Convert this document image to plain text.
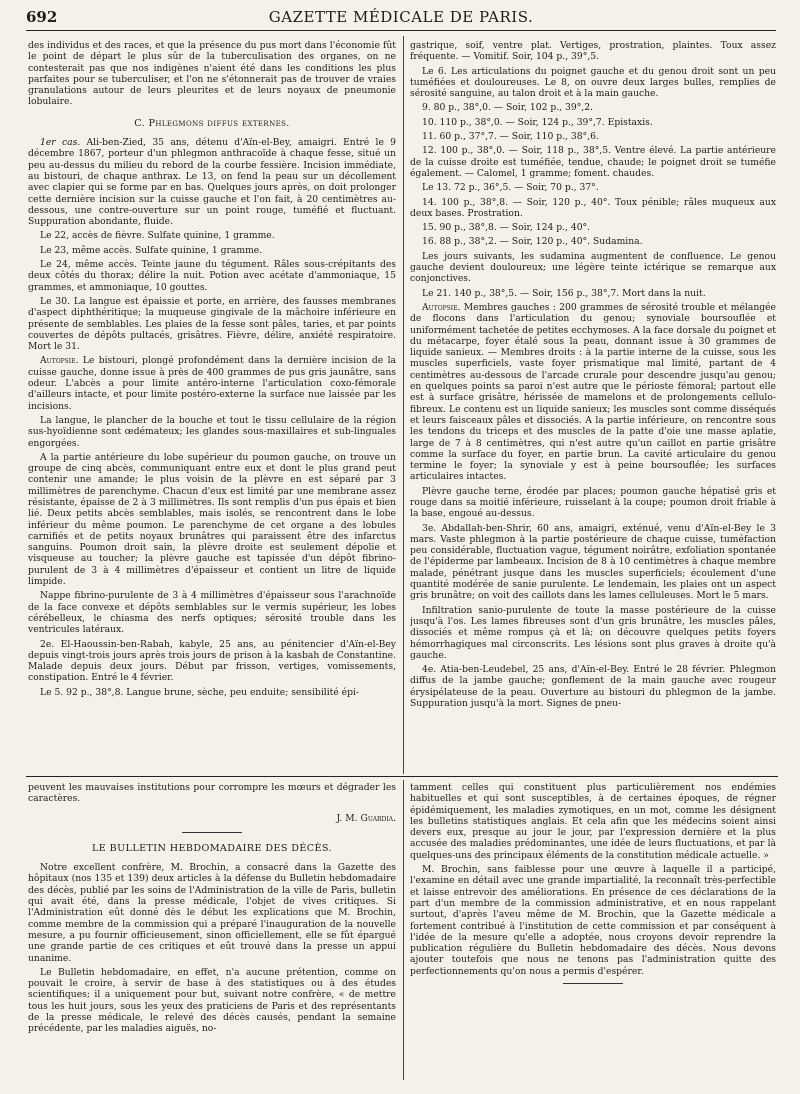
692	GAZETTE MÉDICALE DE PARIS.

des individus et des races, et que la présence du pus mort dans l'économie fût le point de départ le plus sûr de la tuberculisation des organes, on ne contesterait pas que nos indigènes n'aient été dans les conditions les plus parfaites pour se tuberculiser, et l'on ne s'étonnerait pas de trouver de vraies granulations autour de leurs pleurites et de leurs noyaux de pneumonie lobulaire.

C. Phlegmons diffus externes.

1er cas. Ali-ben-Zied, 35 ans, détenu d'Aïn-el-Bey, amaigri. Entré le 9 décembre 1867, porteur d'un phlegmon anthracoïde à chaque fesse, situé un peu au-dessus du milieu du rebord de la courbe fessière. Incision immédiate, au bistouri, de chaque anthrax. Le 13, on fend la peau sur un décollement avec clapier qui se forme par en bas. Quelques jours après, on doit prolonger cette dernière incision sur la cuisse gauche et l'on fait, à 20 centimètres au-dessous, une contre-ouverture sur un point rouge, tuméfié et fluctuant. Suppuration abondante, fluide.

Le 22, accès de fièvre. Sulfate quinine, 1 gramme.

Le 23, même accès. Sulfate quinine, 1 gramme.

Le 24, même accès. Teinte jaune du tégument. Râles sous-crépitants des deux côtés du thorax; délire la nuit. Potion avec acétate d'ammoniaque, 15 grammes, et ammoniaque, 10 gouttes.

Le 30. La langue est épaissie et porte, en arrière, des fausses membranes d'aspect diphthéritique; la muqueuse gingivale de la mâchoire inférieure en présente de semblables. Les plaies de la fesse sont pâles, taries, et par points couvertes de dépôts pultacés, grisâtres. Fièvre, délire, anxiété respiratoire. Mort le 31.

Autopsie. Le bistouri, plongé profondément dans la dernière incision de la cuisse gauche, donne issue à près de 400 grammes de pus gris jaunâtre, sans odeur. L'abcès a pour limite antéro-interne l'articulation coxo-fémorale d'ailleurs intacte, et pour limite postéro-externe la surface nue laissée par les incisions.

La langue, le plancher de la bouche et tout le tissu cellulaire de la région sus-hyoïdienne sont œdémateux; les glandes sous-maxillaires et sub-linguales engorgées.

A la partie antérieure du lobe supérieur du poumon gauche, on trouve un groupe de cinq abcès, communiquant entre eux et dont le plus grand peut contenir une amande; le plus voisin de la plèvre en est séparé par 3 millimètres de parenchyme. Chacun d'eux est limité par une membrane assez résistante, épaisse de 2 à 3 millimètres. Ils sont remplis d'un pus épais et bien lié. Deux petits abcès semblables, mais isolés, se rencontrent dans le lobe inférieur du même poumon. Le parenchyme de cet organe a des lobules carnifiés et de petits noyaux brunâtres qui paraissent être des infarctus sanguins. Poumon droit sain, la plèvre droite est seulement dépolie et visqueuse au toucher; la plèvre gauche est tapissée d'un dépôt fibrino-purulent de 3 à 4 millimètres d'épaisseur et contient un litre de liquide limpide.

Nappe fibrino-purulente de 3 à 4 millimètres d'épaisseur sous l'arachnoïde de la face convexe et dépôts semblables sur le vermis supérieur, les lobes cérébelleux, le chiasma des nerfs optiques; sérosité trouble dans les ventricules latéraux.

2e. El-Haoussin-ben-Rabah, kabyle, 25 ans, au pénitencier d'Aïn-el-Bey depuis vingt-trois jours après trois jours de prison à la kasbah de Constantine. Malade depuis deux jours. Début par frisson, vertiges, vomissements, constipation. Entré le 4 février.

Le 5. 92 p., 38°,8. Langue brune, sèche, peu enduite; sensibilité épi-

gastrique, soif, ventre plat. Vertiges, prostration, plaintes. Toux assez fréquente. — Vomitif. Soir, 104 p., 39°,5.

Le 6. Les articulations du poignet gauche et du genou droit sont un peu tuméfiées et douloureuses. Le 8, on ouvre deux larges bulles, remplies de sérosité sanguine, au talon droit et à la main gauche.

9. 80 p., 38°,0. — Soir, 102 p., 39°,2.

10. 110 p., 38°,0. — Soir, 124 p., 39°,7. Epistaxis.

11. 60 p., 37°,7. — Soir, 110 p., 38°,6.

12. 100 p., 38°,0. — Soir, 118 p., 38°,5. Ventre élevé. La partie antérieure de la cuisse droite est tuméfiée, tendue, chaude; le poignet droit se tuméfie également. — Calomel, 1 gramme; foment. chaudes.

Le 13. 72 p., 36°,5. — Soir, 70 p., 37°.

14. 100 p., 38°,8. — Soir, 120 p., 40°. Toux pénible; râles muqueux aux deux bases. Prostration.

15. 90 p., 38°,8. — Soir, 124 p., 40°.

16. 88 p., 38°,2. — Soir, 120 p., 40°. Sudamina.

Les jours suivants, les sudamina augmentent de confluence. Le genou gauche devient douloureux; une légère teinte ictérique se remarque aux conjonctives.

Le 21. 140 p., 38°,5. — Soir, 156 p., 38°,7. Mort dans la nuit.

Autopsie. Membres gauches : 200 grammes de sérosité trouble et mélangée de flocons dans l'articulation du genou; synoviale boursouflée et uniformément tachetée de petites ecchymoses. A la face dorsale du poignet et du métacarpe, foyer étalé sous la peau, donnant issue à 30 grammes de liquide sanieux. — Membres droits : à la partie interne de la cuisse, sous les muscles superficiels, vaste foyer prismatique mal limité, partant de 4 centimètres au-dessous de l'arcade crurale pour descendre jusqu'au genou; en quelques points sa paroi n'est autre que le périoste fémoral; partout elle est à surface grisâtre, hérissée de mamelons et de prolongements cellulo-fibreux. Le contenu est un liquide sanieux; les muscles sont comme disséqués et leurs faisceaux pâles et dissociés. A la partie inférieure, on rencontre sous les tendons du triceps et des muscles de la patte d'oie une masse aplatie, large de 7 à 8 centimètres, qui n'est autre qu'un caillot en partie grisâtre comme la surface du foyer, en partie brun. La cavité articulaire du genou termine le foyer; la synoviale y est à peine boursouflée; les surfaces articulaires intactes.

Plèvre gauche terne, érodée par places; poumon gauche hépatisé gris et rouge dans sa moitié inférieure, ruisselant à la coupe; poumon droit friable à la base, engoué au-dessus.

3e. Abdallah-ben-Shrir, 60 ans, amaigri, exténué, venu d'Aïn-el-Bey le 3 mars. Vaste phlegmon à la partie postérieure de chaque cuisse, tuméfaction peu considérable, fluctuation vague, tégument noirâtre, exfoliation spontanée de l'épiderme par lambeaux. Incision de 8 à 10 centimètres à chaque membre malade, pénétrant jusque dans les muscles superficiels; écoulement d'une quantité modérée de sanie purulente. Le lendemain, les plaies ont un aspect gris brunâtre; on voit des caillots dans les lames celluleuses. Mort le 5 mars.

Infiltration sanio-purulente de toute la masse postérieure de la cuisse jusqu'à l'os. Les lames fibreuses sont d'un gris brunâtre, les muscles pâles, dissociés et même rompus çà et là; on découvre quelques petits foyers hémorrhagiques mal circonscrits. Les lésions sont plus graves à droite qu'à gauche.

4e. Atia-ben-Leudebel, 25 ans, d'Aïn-el-Bey. Entré le 28 février. Phlegmon diffus de la jambe gauche; gonflement de la main gauche avec rougeur érysipélateuse de la peau. Ouverture au bistouri du phlegmon de la jambe. Suppuration jusqu'à la mort. Signes de pneu-

peuvent les mauvaises institutions pour corrompre les mœurs et dégrader les caractères.

J. M. Guardia.

LE BULLETIN HEBDOMADAIRE DES DÉCÈS.

Notre excellent confrère, M. Brochin, a consacré dans la Gazette des hôpitaux (nos 135 et 139) deux articles à la défense du Bulletin hebdomadaire des décès, publié par les soins de l'Administration de la ville de Paris, bulletin qui avait été, dans la presse médicale, l'objet de vives critiques. Si l'Administration eût donné dès le début les explications que M. Brochin, comme membre de la commission qui a préparé l'inauguration de la nouvelle mesure, a pu fournir officieusement, sinon officiellement, elle se fût épargué une grande partie de ces critiques et eût trouvé dans la presse un appui unanime.

Le Bulletin hebdomadaire, en effet, n'a aucune prétention, comme on pouvait le croire, à servir de base à des statistiques ou à des études scientifiques; il a uniquement pour but, suivant notre confrère, « de mettre tous les huit jours, sous les yeux des praticiens de Paris et des représentants de la presse médicale, le relevé des décès causés, pendant la semaine précédente, par les maladies aiguës, no-

tamment celles qui constituent plus particulièrement nos endémies habituelles et qui sont susceptibles, à de certaines époques, de régner épidémiquement, les maladies zymotiques, en un mot, comme les désignent les bulletins statistiques anglais. Et cela afin que les médecins soient ainsi devers eux, presque au jour le jour, par l'expression dernière et la plus accusée des maladies prédominantes, une idée de leurs fluctuations, et par là quelques-uns des principaux éléments de la constitution médicale actuelle. »

M. Brochin, sans faiblesse pour une œuvre à laquelle il a participé, l'examine en détail avec une grande impartialité, la reconnaît très-perfectible et laisse entrevoir des améliorations. En présence de ces déclarations de la part d'un membre de la commission administrative, et en nous rappelant surtout, d'après l'aveu même de M. Brochin, que la Gazette médicale a fortement contribué à l'institution de cette commission et par conséquent à l'idée de la mesure qu'elle a adoptée, nous croyons devoir reprendre la publication régulière du Bulletin hebdomadaire des décès. Nous devons ajouter toutefois que nous ne tenons pas l'administration quitte des perfectionnements qu'on nous a permis d'espérer.
